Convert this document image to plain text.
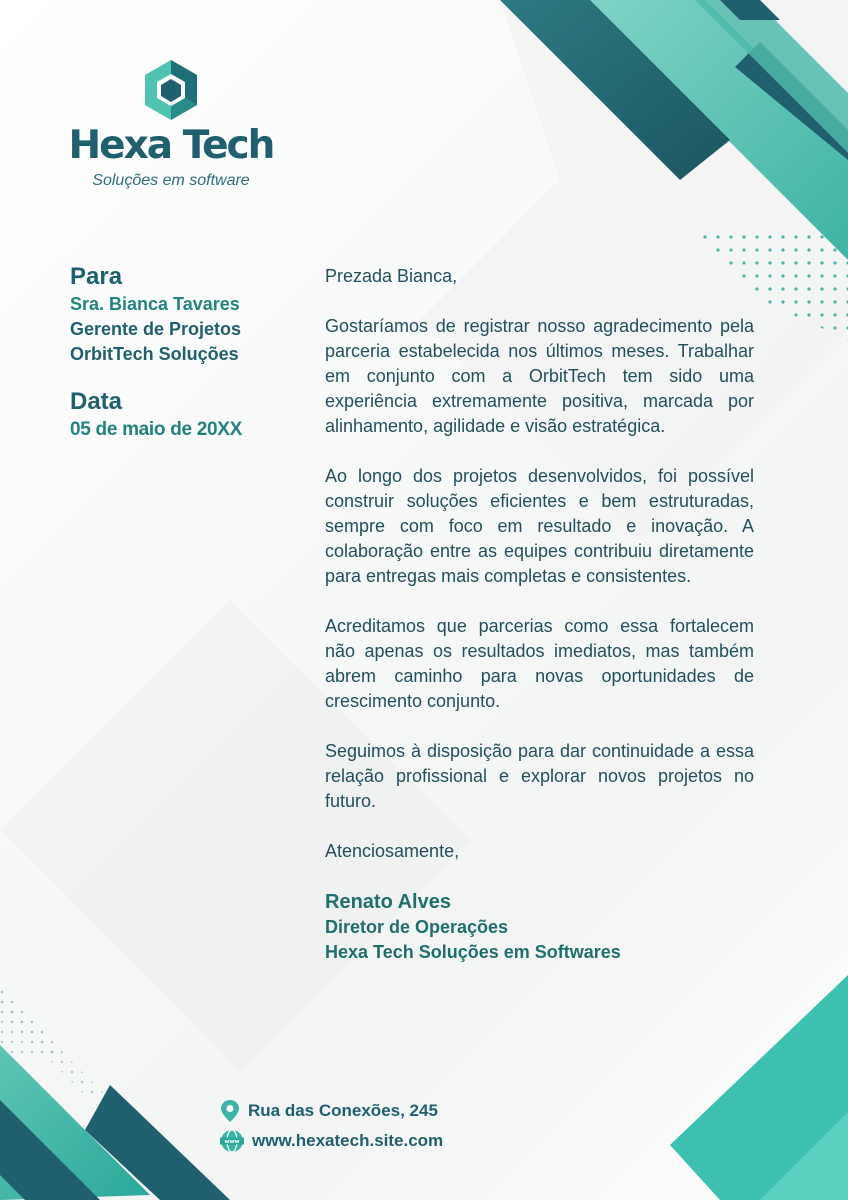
Hexa Tech
Soluções em software
Para
Sra. Bianca Tavares
Gerente de Projetos
OrbitTech Soluções
Data
05 de maio de 20XX

Prezada Bianca,

Gostaríamos de registrar nosso agradecimento pela parceria estabelecida nos últimos meses. Trabalhar em conjunto com a OrbitTech tem sido uma experiência extremamente positiva, marcada por alinhamento, agilidade e visão estratégica.

Ao longo dos projetos desenvolvidos, foi possível construir soluções eficientes e bem estruturadas, sempre com foco em resultado e inovação. A colaboração entre as equipes contribuiu diretamente para entregas mais completas e consistentes.

Acreditamos que parcerias como essa fortalecem não apenas os resultados imediatos, mas também abrem caminho para novas oportunidades de crescimento conjunto.

Seguimos à disposição para dar continuidade a essa relação profissional e explorar novos projetos no futuro.

Atenciosamente,

Renato Alves
Diretor de Operações
Hexa Tech Soluções em Softwares
Rua das Conexões, 245
www www.hexatech.site.com
